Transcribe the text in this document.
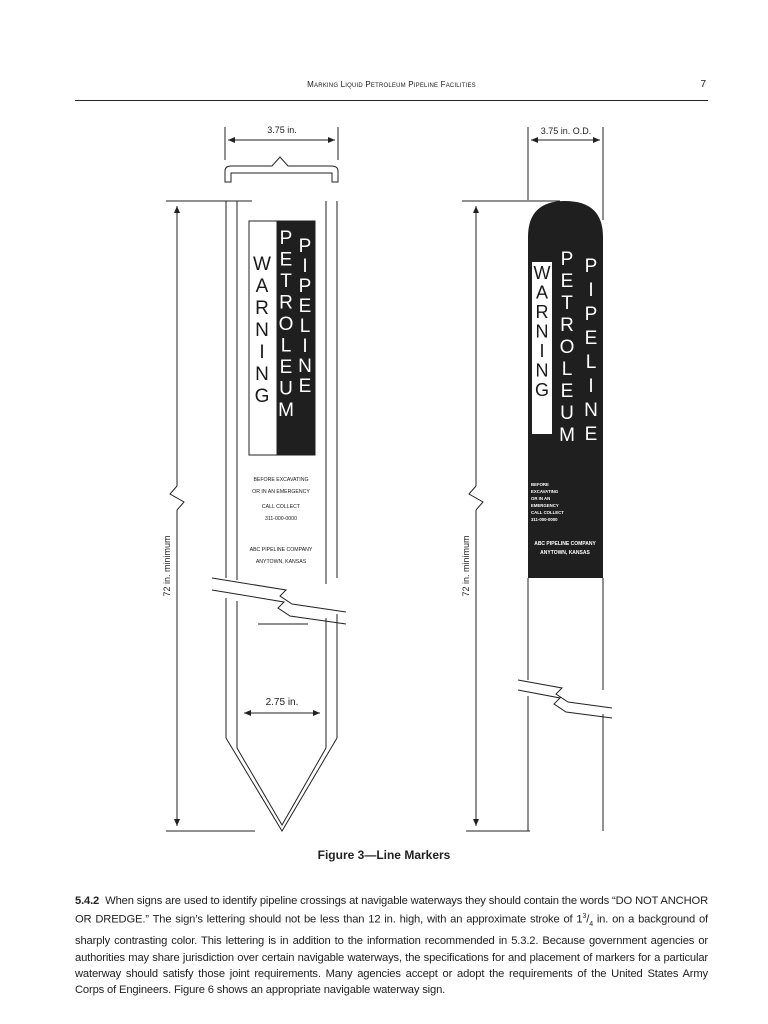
Marking Liquid Petroleum Pipeline Facilities	7
3.75 in.
72 in. minimum
2.75 in.
W
A
R
N
I
N
G
P
E
T
R
O
L
E
U
M
P
I
P
E
L
I
N
E
BEFORE EXCAVATING
OR IN AN EMERGENCY
CALL COLLECT
311-000-0000
ABC PIPELINE COMPANY
ANYTOWN, KANSAS
3.75 in. O.D.
72 in. minimum
W
A
R
N
I
N
G
P
E
T
R
O
L
E
U
M
P
I
P
E
L
I
N
E
BEFORE
EXCAVATING
OR IN AN
EMERGENCY
CALL COLLECT
311-000-0000
ABC PIPELINE COMPANY
ANYTOWN, KANSAS
Figure 3—Line Markers
5.4.2 When signs are used to identify pipeline crossings at navigable waterways they should contain the words “DO NOT ANCHOR OR DREDGE.” The sign’s lettering should not be less than 12 in. high, with an approximate stroke of $1^3/_4$ in. on a background of sharply contrasting color. This lettering is in addition to the information recommended in 5.3.2. Because government agencies or authorities may share jurisdiction over certain navigable waterways, the specifications for and placement of markers for a particular waterway should satisfy those joint requirements. Many agencies accept or adopt the requirements of the United States Army Corps of Engineers. Figure 6 shows an appropriate navigable waterway sign.
